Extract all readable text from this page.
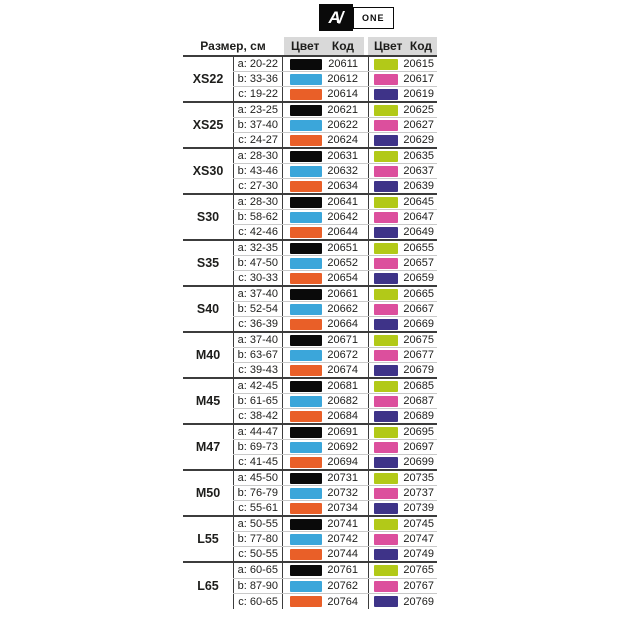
A/	ONE
Размер, см	Цвет Код Цвет Код
XS22
a: 20-22	20611	20615
b: 33-36	20612	20617
c: 19-22	20614	20619
XS25
a: 23-25	20621	20625
b: 37-40	20622	20627
c: 24-27	20624	20629
XS30
a: 28-30	20631	20635
b: 43-46	20632	20637
c: 27-30	20634	20639
S30
a: 28-30	20641	20645
b: 58-62	20642	20647
c: 42-46	20644	20649
S35
a: 32-35	20651	20655
b: 47-50	20652	20657
c: 30-33	20654	20659
S40
a: 37-40	20661	20665
b: 52-54	20662	20667
c: 36-39	20664	20669
M40
a: 37-40	20671	20675
b: 63-67	20672	20677
c: 39-43	20674	20679
M45
a: 42-45	20681	20685
b: 61-65	20682	20687
c: 38-42	20684	20689
M47
a: 44-47	20691	20695
b: 69-73	20692	20697
c: 41-45	20694	20699
M50
a: 45-50	20731	20735
b: 76-79	20732	20737
c: 55-61	20734	20739
L55
a: 50-55	20741	20745
b: 77-80	20742	20747
c: 50-55	20744	20749
L65
a: 60-65	20761	20765
b: 87-90	20762	20767
c: 60-65	20764	20769
